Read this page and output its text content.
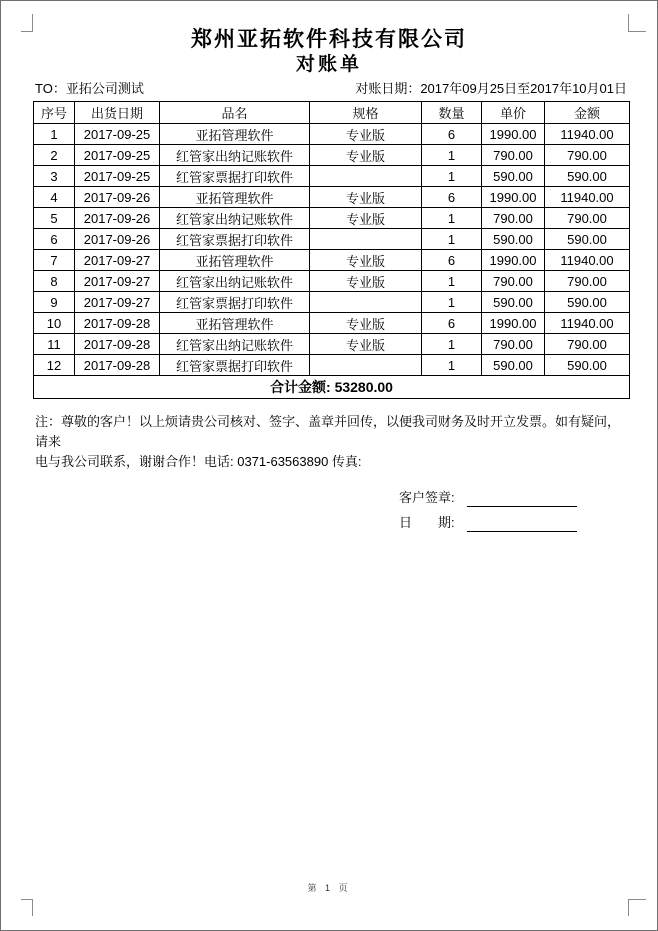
郑州亚拓软件科技有限公司
对账单
TO：亚拓公司测试	对账日期：2017年09月25日至2017年10月01日
序号	出货日期	品名	规格	数量	单价	金额
1	2017-09-25	亚拓管理软件	专业版	6	1990.00	11940.00
2	2017-09-25	红管家出纳记账软件	专业版	1	790.00	790.00
3	2017-09-25	红管家票据打印软件		1	590.00	590.00
4	2017-09-26	亚拓管理软件	专业版	6	1990.00	11940.00
5	2017-09-26	红管家出纳记账软件	专业版	1	790.00	790.00
6	2017-09-26	红管家票据打印软件		1	590.00	590.00
7	2017-09-27	亚拓管理软件	专业版	6	1990.00	11940.00
8	2017-09-27	红管家出纳记账软件	专业版	1	790.00	790.00
9	2017-09-27	红管家票据打印软件		1	590.00	590.00
10	2017-09-28	亚拓管理软件	专业版	6	1990.00	11940.00
11	2017-09-28	红管家出纳记账软件	专业版	1	790.00	790.00
12	2017-09-28	红管家票据打印软件		1	590.00	590.00
合计金额: 53280.00						
注：尊敬的客户！以上烦请贵公司核对、签字、盖章并回传，以便我司财务及时开立发票。如有疑问，请来
电与我公司联系，谢谢合作！电话: 0371-63563890 传真:
客户签章:
日　　期:
第 1 页
